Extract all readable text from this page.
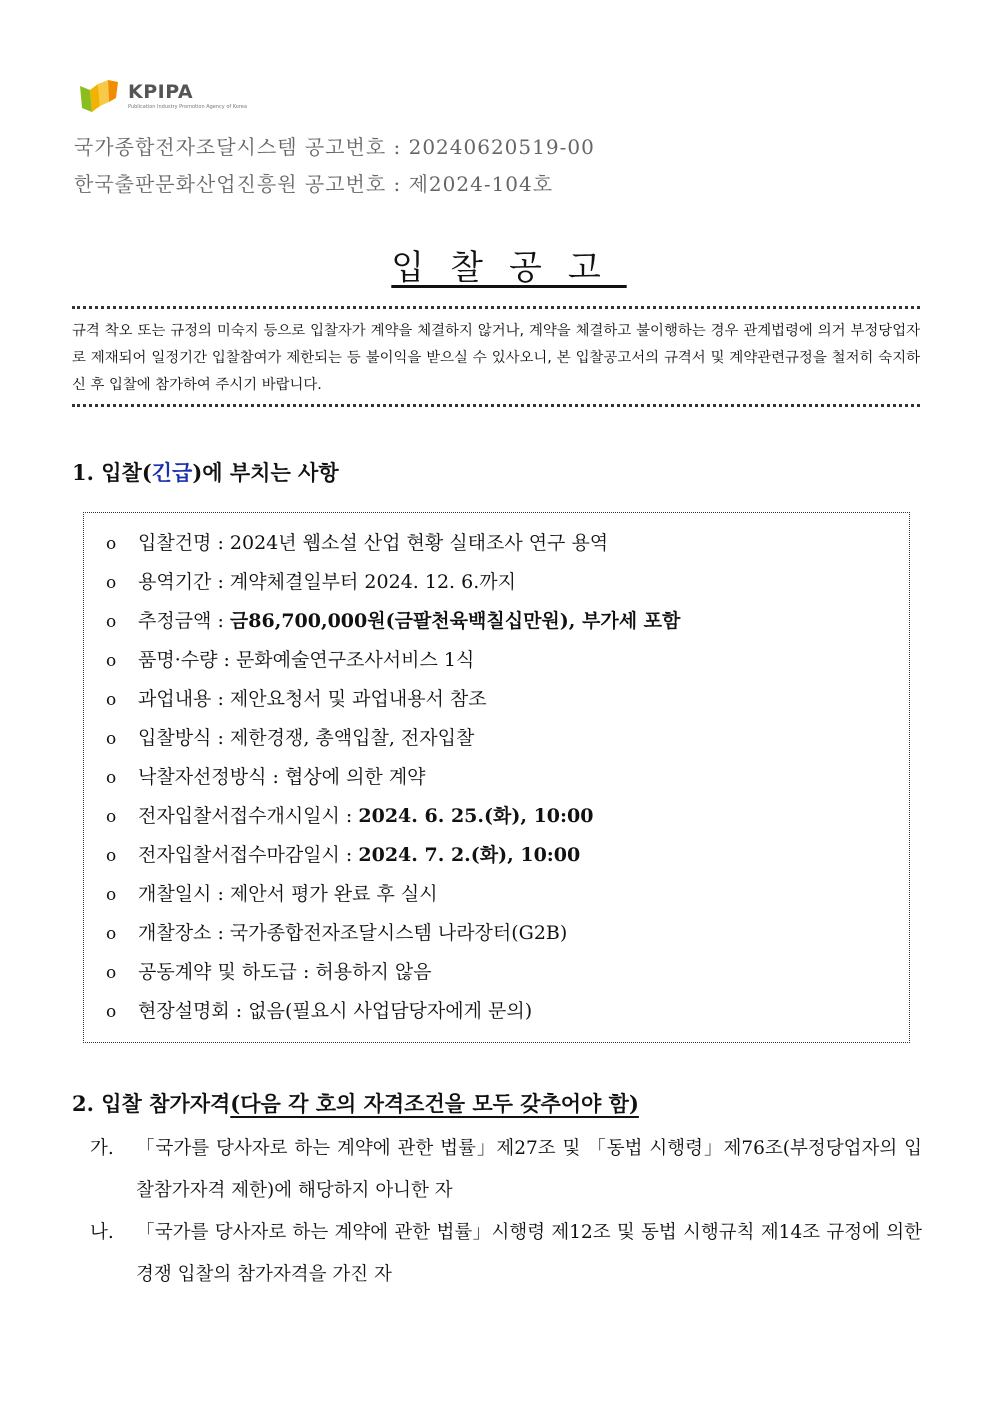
KPIPA
Publication Industry Promotion Agency of Korea
국가종합전자조달시스템 공고번호 : 20240620519-00
한국출판문화산업진흥원 공고번호 : 제2024-104호
입찰공고
규격 착오 또는 규정의 미숙지 등으로 입찰자가 계약을 체결하지 않거나, 계약을 체결하고 불이행하는 경우 관계법령에 의거 부정당업자로 제재되어 일정기간 입찰참여가 제한되는 등 불이익을 받으실 수 있사오니, 본 입찰공고서의 규격서 및 계약관련규정을 철저히 숙지하신 후 입찰에 참가하여 주시기 바랍니다.
1. 입찰(긴급)에 부치는 사항
ο 입찰건명 : 2024년 웹소설 산업 현황 실태조사 연구 용역
ο 용역기간 : 계약체결일부터 2024. 12. 6.까지
ο 추정금액 : 금86,700,000원(금팔천육백칠십만원), 부가세 포함
ο 품명·수량 : 문화예술연구조사서비스 1식
ο 과업내용 : 제안요청서 및 과업내용서 참조
ο 입찰방식 : 제한경쟁, 총액입찰, 전자입찰
ο 낙찰자선정방식 : 협상에 의한 계약
ο 전자입찰서접수개시일시 : 2024. 6. 25.(화), 10:00
ο 전자입찰서접수마감일시 : 2024. 7. 2.(화), 10:00
ο 개찰일시 : 제안서 평가 완료 후 실시
ο 개찰장소 : 국가종합전자조달시스템 나라장터(G2B)
ο 공동계약 및 하도급 : 허용하지 않음
ο 현장설명회 : 없음(필요시 사업담당자에게 문의)
2. 입찰 참가자격(다음 각 호의 자격조건을 모두 갖추어야 함)
가.	「국가를 당사자로 하는 계약에 관한 법률」제27조 및 「동법 시행령」제76조(부정당업자의 입찰참가자격 제한)에 해당하지 아니한 자
나.	「국가를 당사자로 하는 계약에 관한 법률」시행령 제12조 및 동법 시행규칙 제14조 규정에 의한 경쟁 입찰의 참가자격을 가진 자
